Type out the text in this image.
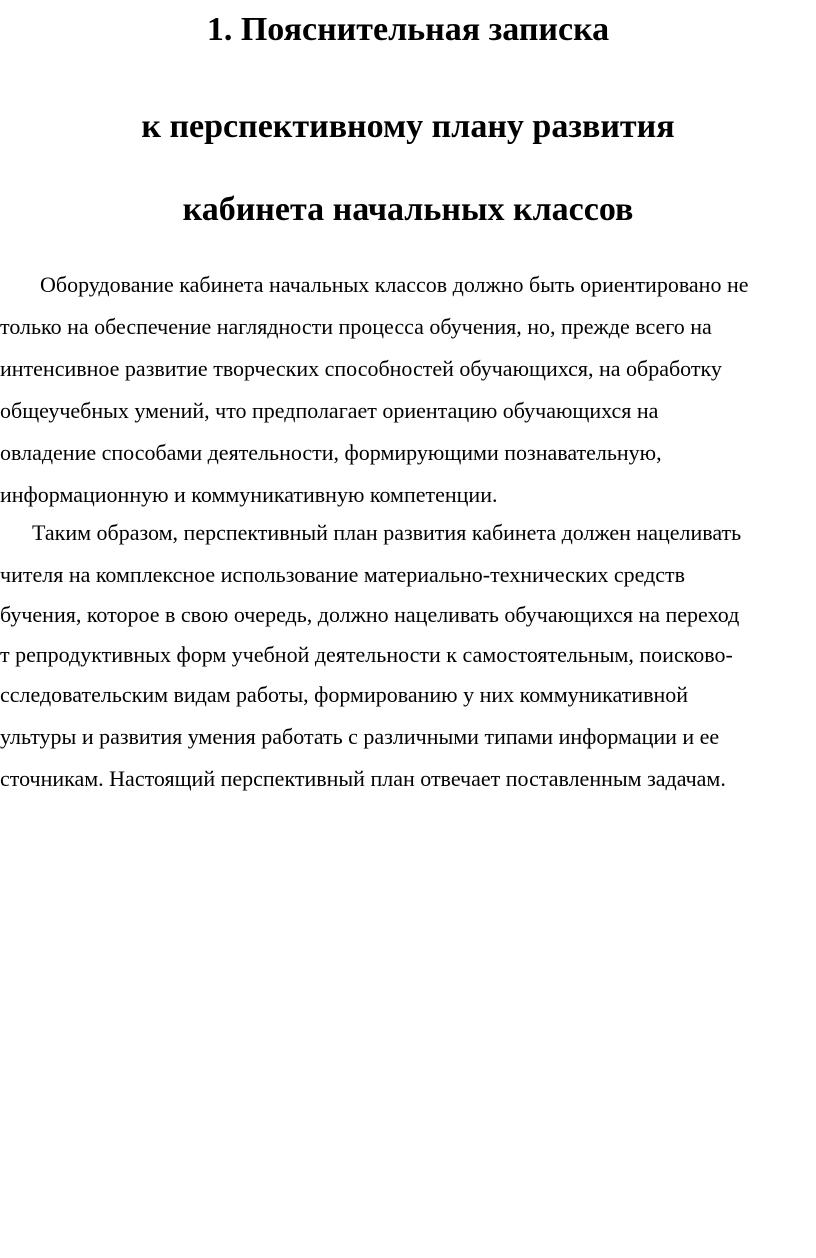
1. Пояснительная записка
к перспективному плану развития
кабинета начальных классов
Оборудование кабинета начальных классов должно быть ориентировано не
только на обеспечение наглядности процесса обучения, но, прежде всего на
интенсивное развитие творческих способностей обучающихся, на обработку
общеучебных умений, что предполагает ориентацию обучающихся на
овладение способами деятельности, формирующими познавательную,
информационную и коммуникативную компетенции.
Таким образом, перспективный план развития кабинета должен нацеливать
чителя на комплексное использование материально-технических средств
бучения, которое в свою очередь, должно нацеливать обучающихся на переход
т репродуктивных форм учебной деятельности к самостоятельным, поисково-
сследовательским видам работы, формированию у них коммуникативной
ультуры и развития умения работать с различными типами информации и ее
сточникам. Настоящий перспективный план отвечает поставленным задачам.
